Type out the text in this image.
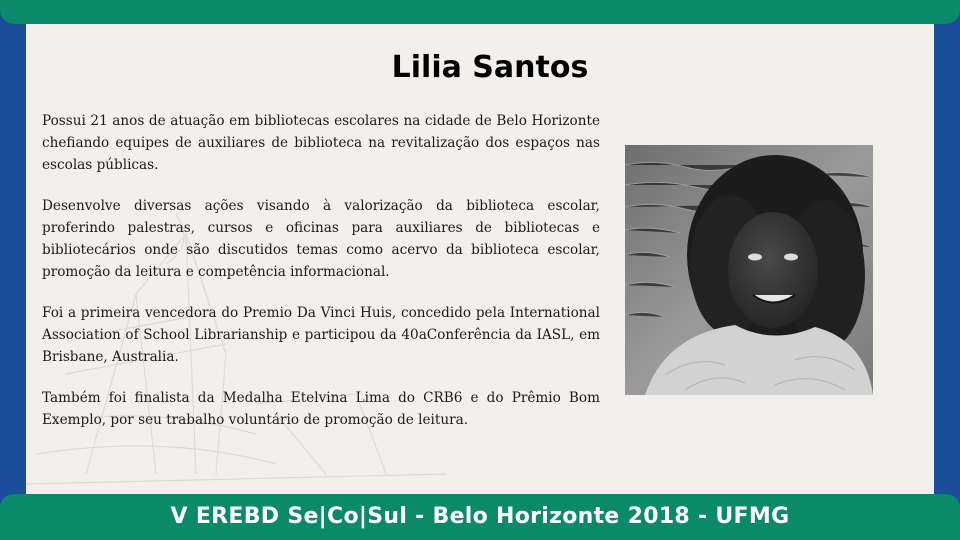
Lilia Santos

Possui 21 anos de atuação em bibliotecas escolares na cidade de Belo Horizonte chefiando equipes de auxiliares de biblioteca na revitalização dos espaços nas escolas públicas.

Desenvolve diversas ações visando à valorização da biblioteca escolar, proferindo palestras, cursos e oficinas para auxiliares de bibliotecas e bibliotecários onde são discutidos temas como acervo da biblioteca escolar, promoção da leitura e competência informacional.

Foi a primeira vencedora do Premio Da Vinci Huis, concedido pela International Association of School Librarianship e participou da 40aConferência da IASL, em Brisbane, Australia.

Também foi finalista da Medalha Etelvina Lima do CRB6 e do Prêmio Bom Exemplo, por seu trabalho voluntário de promoção de leitura.

V EREBD Se|Co|Sul - Belo Horizonte 2018 - UFMG
